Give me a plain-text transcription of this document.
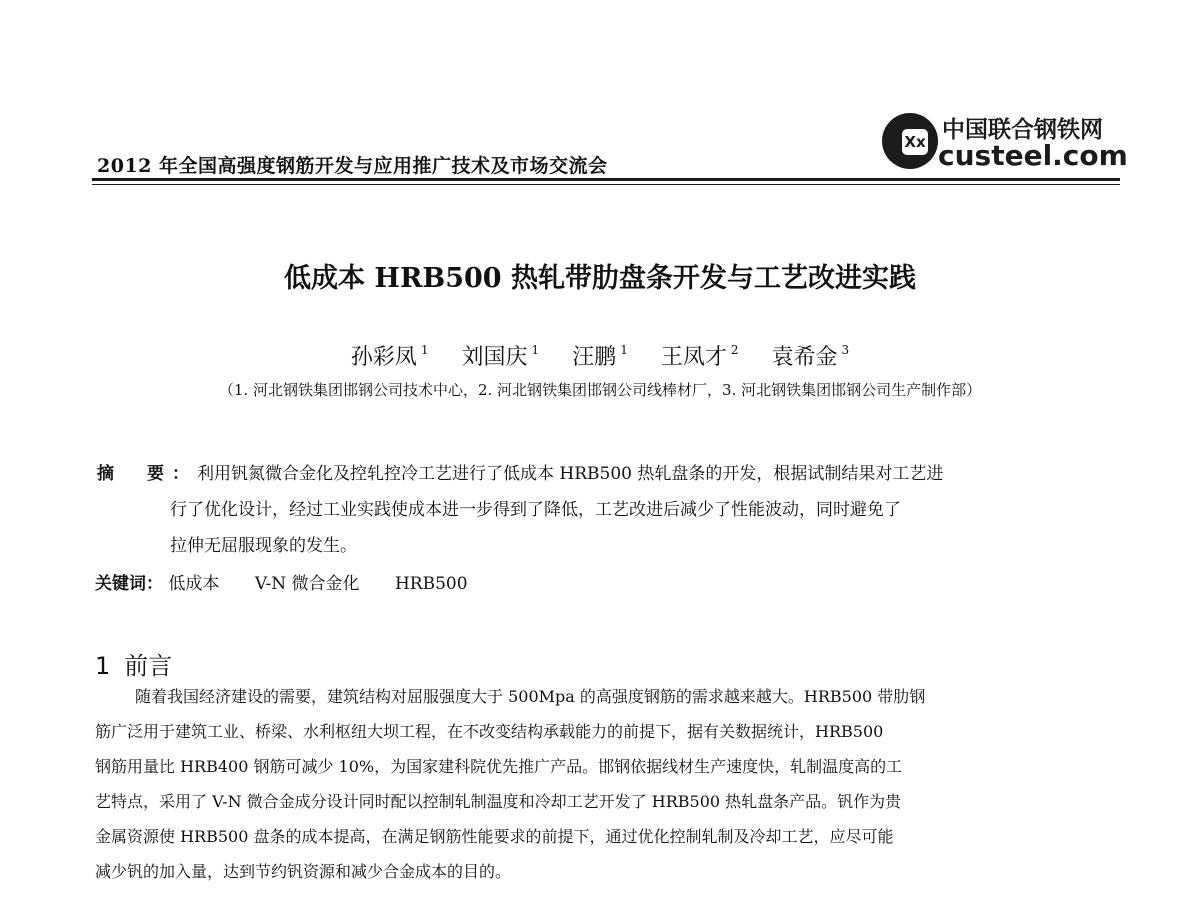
2012 年全国高强度钢筋开发与应用推广技术及市场交流会
Xx 中国联合钢铁网
custeel.com
低成本 HRB500 热轧带肋盘条开发与工艺改进实践
孙彩凤 $^1$ 刘国庆 $^1$ 汪鹏 $^1$ 王凤才 $^2$ 袁希金 $^3$
（1. 河北钢铁集团邯钢公司技术中心，2. 河北钢铁集团邯钢公司线棒材厂，3. 河北钢铁集团邯钢公司生产制作部）
摘　要：利用钒氮微合金化及控轧控冷工艺进行了低成本 HRB500 热轧盘条的开发，根据试制结果对工艺进
行了优化设计，经过工业实践使成本进一步得到了降低，工艺改进后减少了性能波动，同时避免了
拉伸无屈服现象的发生。
关键词： 低成本 V-N 微合金化 HRB500
1 前言
随着我国经济建设的需要，建筑结构对屈服强度大于 500Mpa 的高强度钢筋的需求越来越大。HRB500 带肋钢
筋广泛用于建筑工业、桥梁、水利枢纽大坝工程，在不改变结构承载能力的前提下，据有关数据统计，HRB500
钢筋用量比 HRB400 钢筋可减少 10%，为国家建科院优先推广产品。邯钢依据线材生产速度快，轧制温度高的工
艺特点，采用了 V-N 微合金成分设计同时配以控制轧制温度和冷却工艺开发了 HRB500 热轧盘条产品。钒作为贵
金属资源使 HRB500 盘条的成本提高，在满足钢筋性能要求的前提下，通过优化控制轧制及冷却工艺，应尽可能
减少钒的加入量，达到节约钒资源和减少合金成本的目的。
